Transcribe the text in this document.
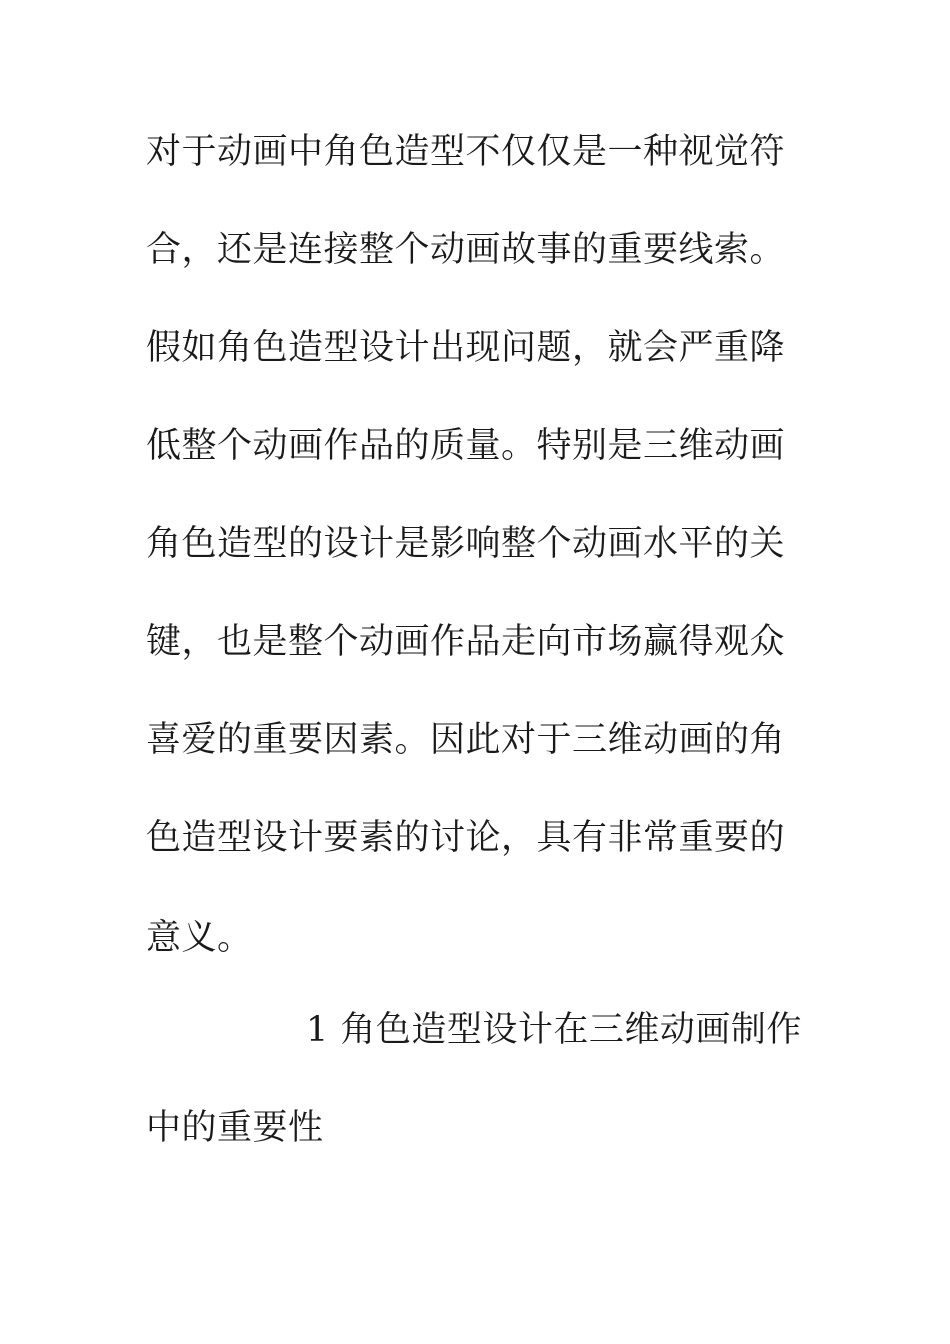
对于动画中角色造型不仅仅是一种视觉符
合，还是连接整个动画故事的重要线索。
假如角色造型设计出现问题，就会严重降
低整个动画作品的质量。特别是三维动画
角色造型的设计是影响整个动画水平的关
键，也是整个动画作品走向市场赢得观众
喜爱的重要因素。因此对于三维动画的角
色造型设计要素的讨论，具有非常重要的
意义。
1 角色造型设计在三维动画制作
中的重要性
